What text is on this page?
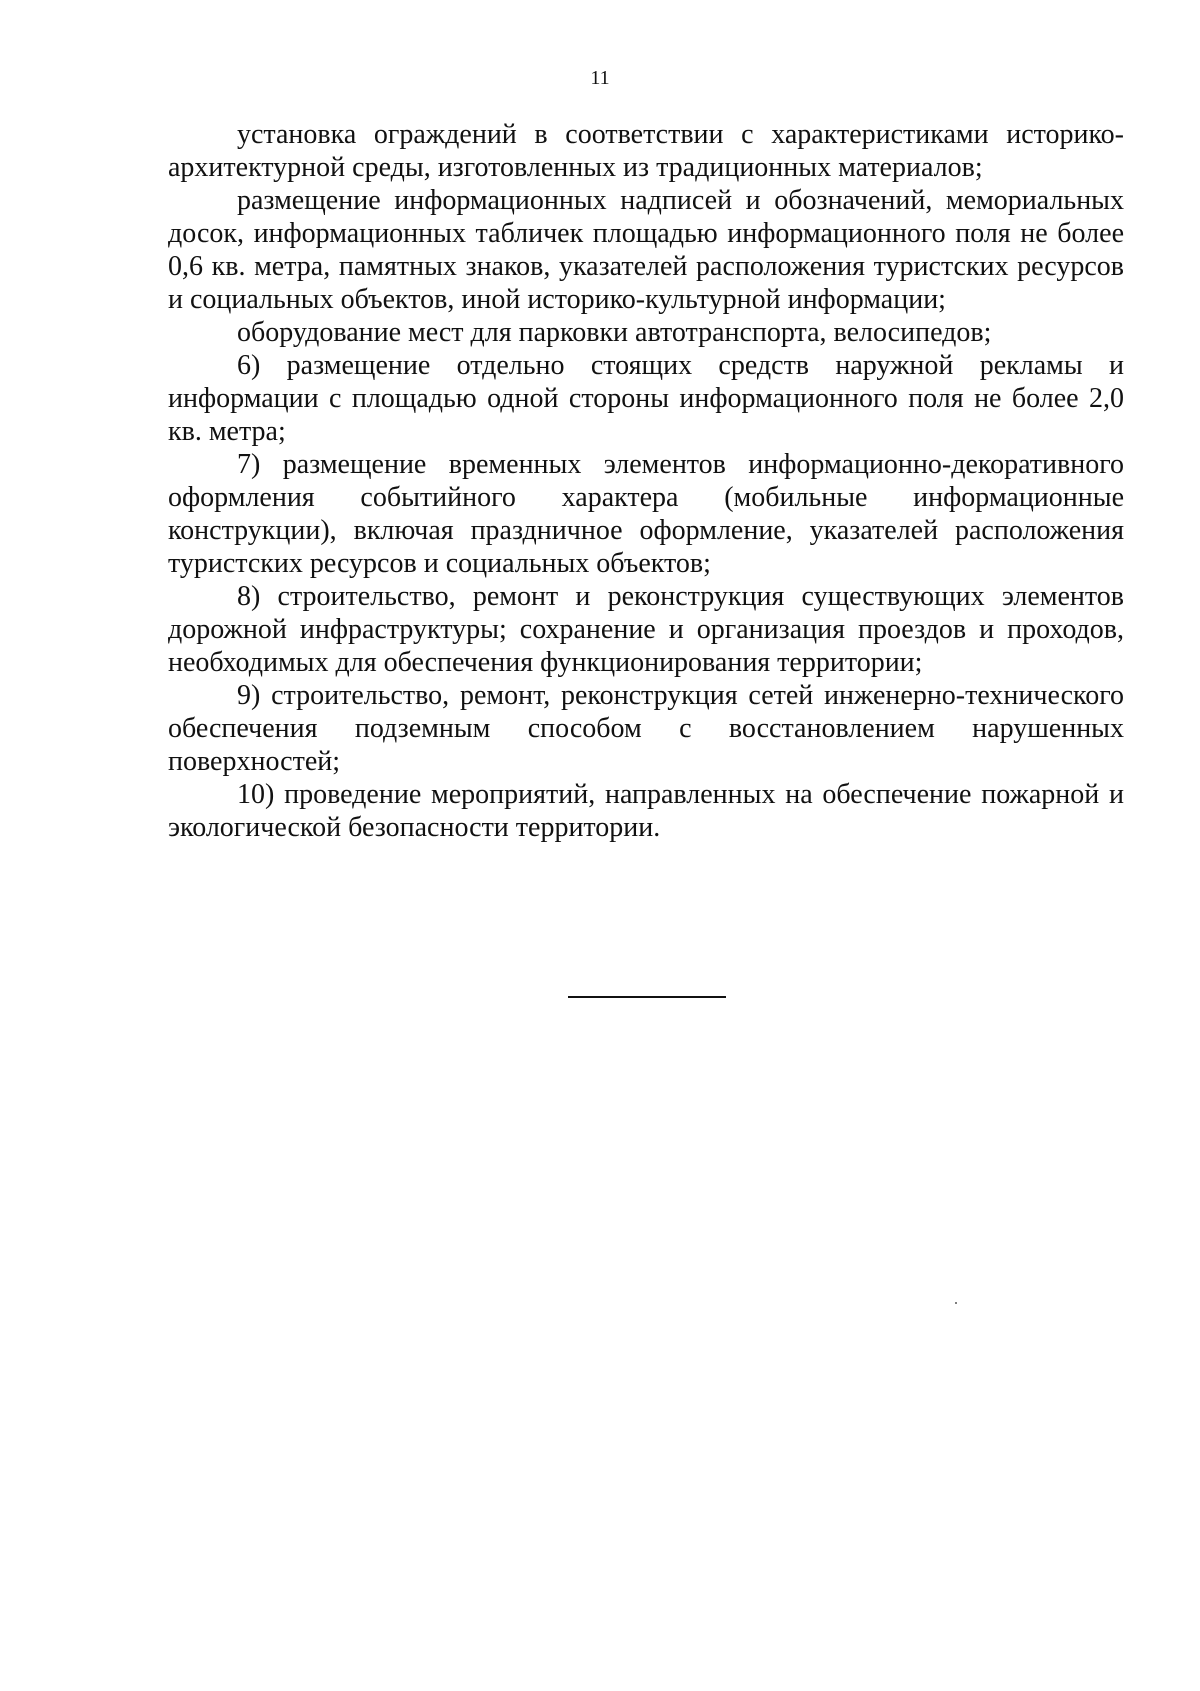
11

установка ограждений в соответствии с характеристиками историко-архитектурной среды, изготовленных из традиционных материалов;

размещение информационных надписей и обозначений, мемориальных досок, информационных табличек площадью информационного поля не более 0,6 кв. метра, памятных знаков, указателей расположения туристских ресурсов и социальных объектов, иной историко-культурной информации;

оборудование мест для парковки автотранспорта, велосипедов;

6) размещение отдельно стоящих средств наружной рекламы и информации с площадью одной стороны информационного поля не более 2,0 кв. метра;

7) размещение временных элементов информационно-декоративного оформления событийного характера (мобильные информационные конструкции), включая праздничное оформление, указателей расположения туристских ресурсов и социальных объектов;

8) строительство, ремонт и реконструкция существующих элементов дорожной инфраструктуры; сохранение и организация проездов и проходов, необходимых для обеспечения функционирования территории;

9) строительство, ремонт, реконструкция сетей инженерно-технического обеспечения подземным способом с восстановлением нарушенных поверхностей;

10) проведение мероприятий, направленных на обеспечение пожарной и экологической безопасности территории.
